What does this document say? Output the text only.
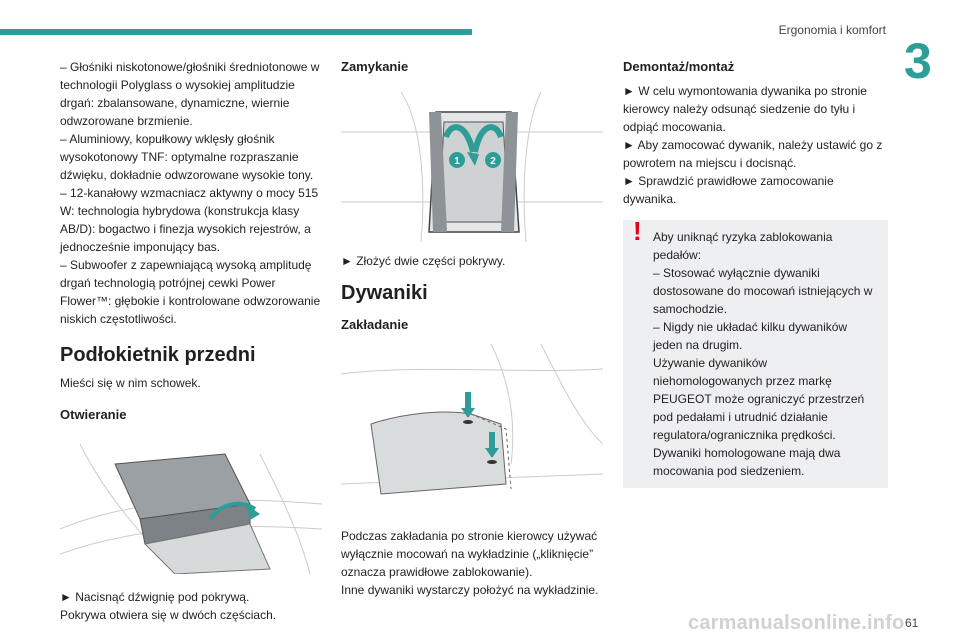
Ergonomia i komfort
3

– Głośniki niskotonowe/głośniki średniotonowe w technologii Polyglass o wysokiej amplitudzie drgań: zbalansowane, dynamiczne, wiernie odwzorowane brzmienie.

– Aluminiowy, kopułkowy wklęsły głośnik wysokotonowy TNF: optymalne rozpraszanie dźwięku, dokładnie odwzorowane wysokie tony.

– 12-kanałowy wzmacniacz aktywny o mocy 515 W: technologia hybrydowa (konstrukcja klasy AB/D): bogactwo i finezja wysokich rejestrów, a jednocześnie imponujący bas.

– Subwoofer z zapewniającą wysoką amplitudę drgań technologią potrójnej cewki Power Flower™: głębokie i kontrolowane odwzorowanie niskich częstotliwości.

Podłokietnik przedni

Mieści się w nim schowek.

Otwieranie

► Nacisnąć dźwignię pod pokrywą.

Pokrywa otwiera się w dwóch częściach.

Zamykanie
1	2

► Złożyć dwie części pokrywy.

Dywaniki
Zakładanie

Podczas zakładania po stronie kierowcy używać wyłącznie mocowań na wykładzinie („kliknięcie” oznacza prawidłowe zablokowanie).

Inne dywaniki wystarczy położyć na wykładzinie.

Demontaż/montaż

► W celu wymontowania dywanika po stronie kierowcy należy odsunąć siedzenie do tyłu i odpiąć mocowania.

► Aby zamocować dywanik, należy ustawić go z powrotem na miejscu i docisnąć.

► Sprawdzić prawidłowe zamocowanie dywanika.

! Aby uniknąć ryzyka zablokowania pedałów:

– Stosować wyłącznie dywaniki dostosowane do mocowań istniejących w samochodzie.

– Nigdy nie układać kilku dywaników jeden na drugim.

Używanie dywaników niehomologowanych przez markę PEUGEOT może ograniczyć przestrzeń pod pedałami i utrudnić działanie regulatora/ogranicznika prędkości.

Dywaniki homologowane mają dwa mocowania pod siedzeniem.

carmanualsonline.info 61
